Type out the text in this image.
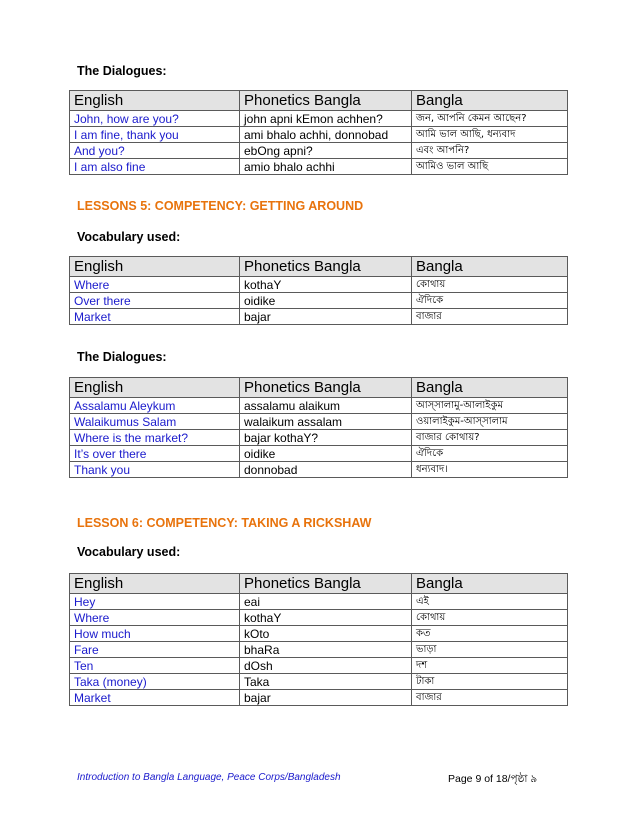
The Dialogues:
English	Phonetics Bangla	Bangla
John, how are you?	john apni kEmon achhen?	জন, আপনি কেমন আছেন?
I am fine, thank you	ami bhalo achhi, donnobad	আমি ভাল আছি, ধন্যবাদ
And you?	ebOng apni?	এবং আপনি?
I am also fine	amio bhalo achhi	আমিও ভাল আছি
LESSONS 5: COMPETENCY: GETTING AROUND
Vocabulary used:
English	Phonetics Bangla	Bangla
Where	kothaY	কোথায়
Over there	oidike	ঐদিকে
Market	bajar	বাজার
The Dialogues:
English	Phonetics Bangla	Bangla
Assalamu Aleykum	assalamu alaikum	আস্সালামু-আলাইকুম
Walaikumus Salam	walaikum assalam	ওয়ালাইকুম-আস্সালাম
Where is the market?	bajar kothaY?	বাজার কোথায়?
It’s over there	oidike	ঐদিকে
Thank you	donnobad	ধন্যবাদ।
LESSON 6: COMPETENCY: TAKING A RICKSHAW
Vocabulary used:
English	Phonetics Bangla	Bangla
Hey	eai	এই
Where	kothaY	কোথায়
How much	kOto	কত
Fare	bhaRa	ভাড়া
Ten	dOsh	দশ
Taka (money)	Taka	টাকা
Market	bajar	বাজার
Introduction to Bangla Language, Peace Corps/Bangladesh	Page 9 of 18/পৃষ্ঠা ৯
